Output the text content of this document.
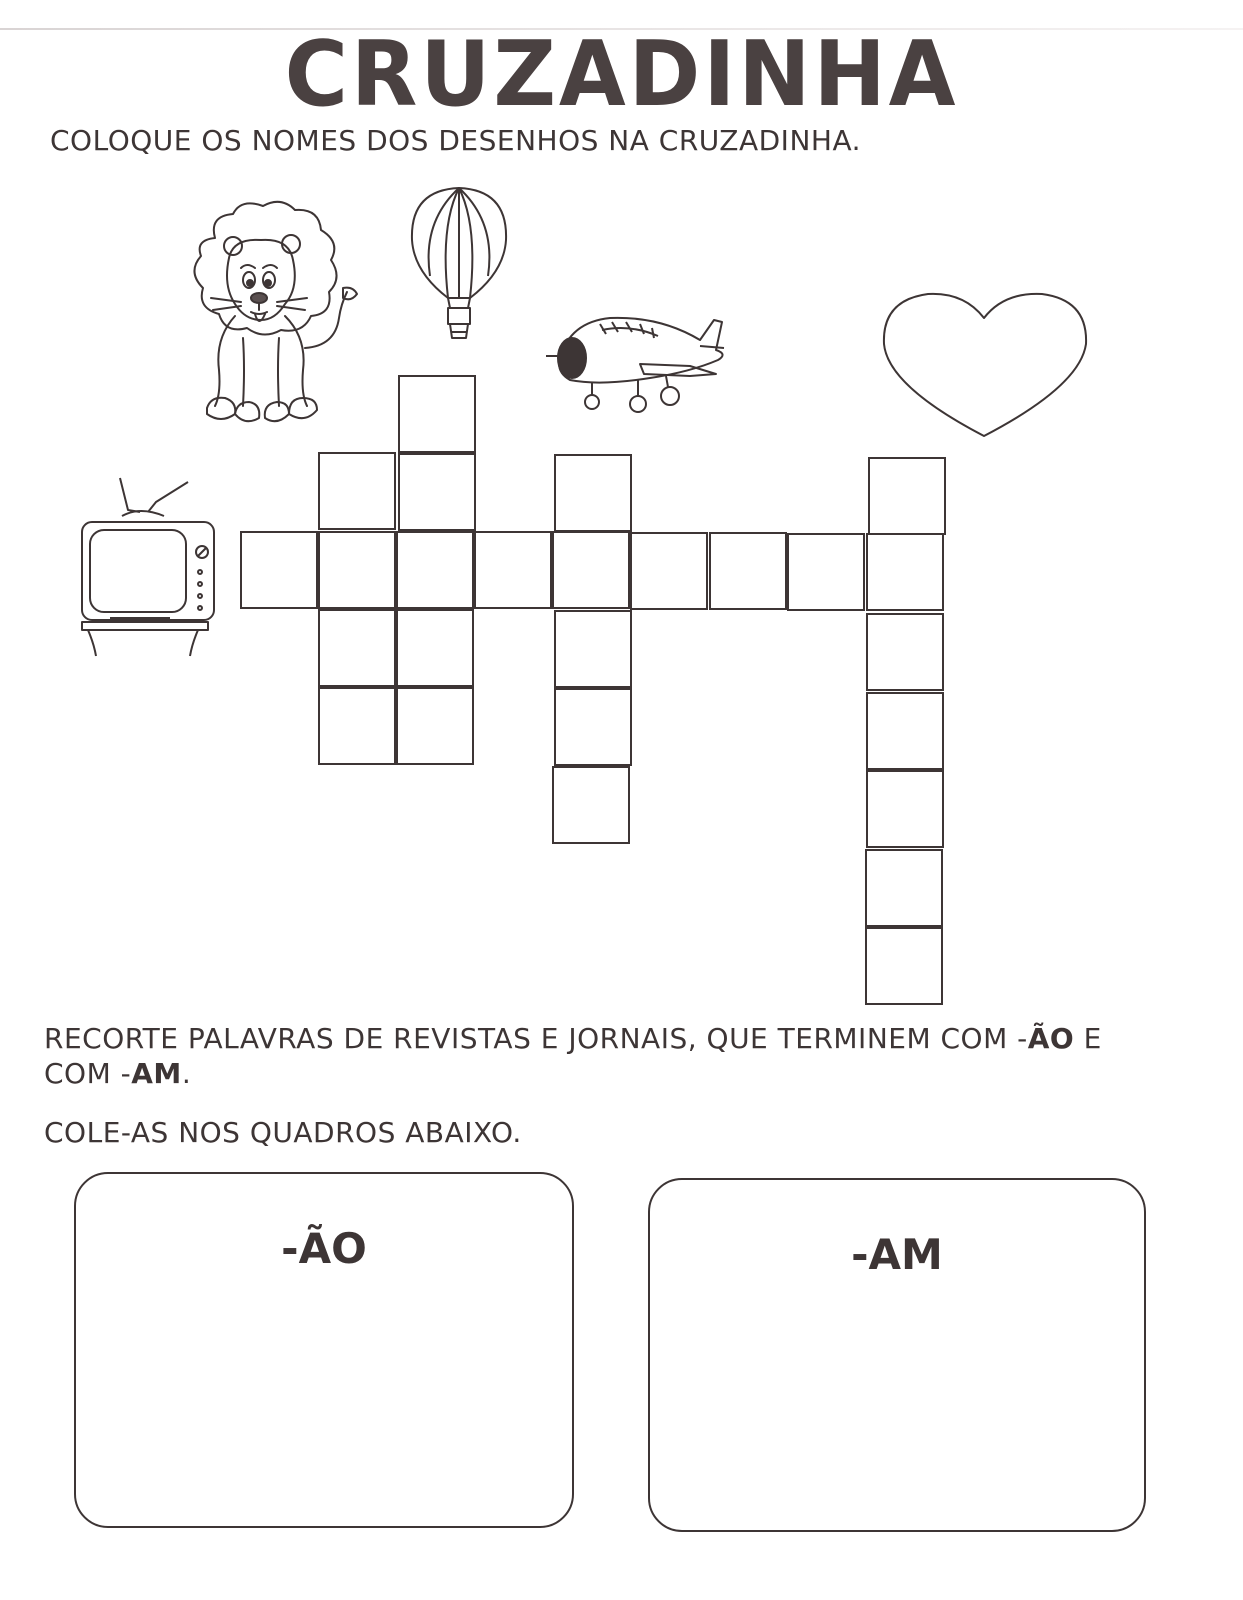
CRUZADINHA

COLOQUE OS NOMES DOS DESENHOS NA CRUZADINHA.

RECORTE PALAVRAS DE REVISTAS E JORNAIS, QUE TERMINEM COM -ÃO E

COM -AM.

COLE-AS NOS QUADROS ABAIXO.

-ÃO	-AM
